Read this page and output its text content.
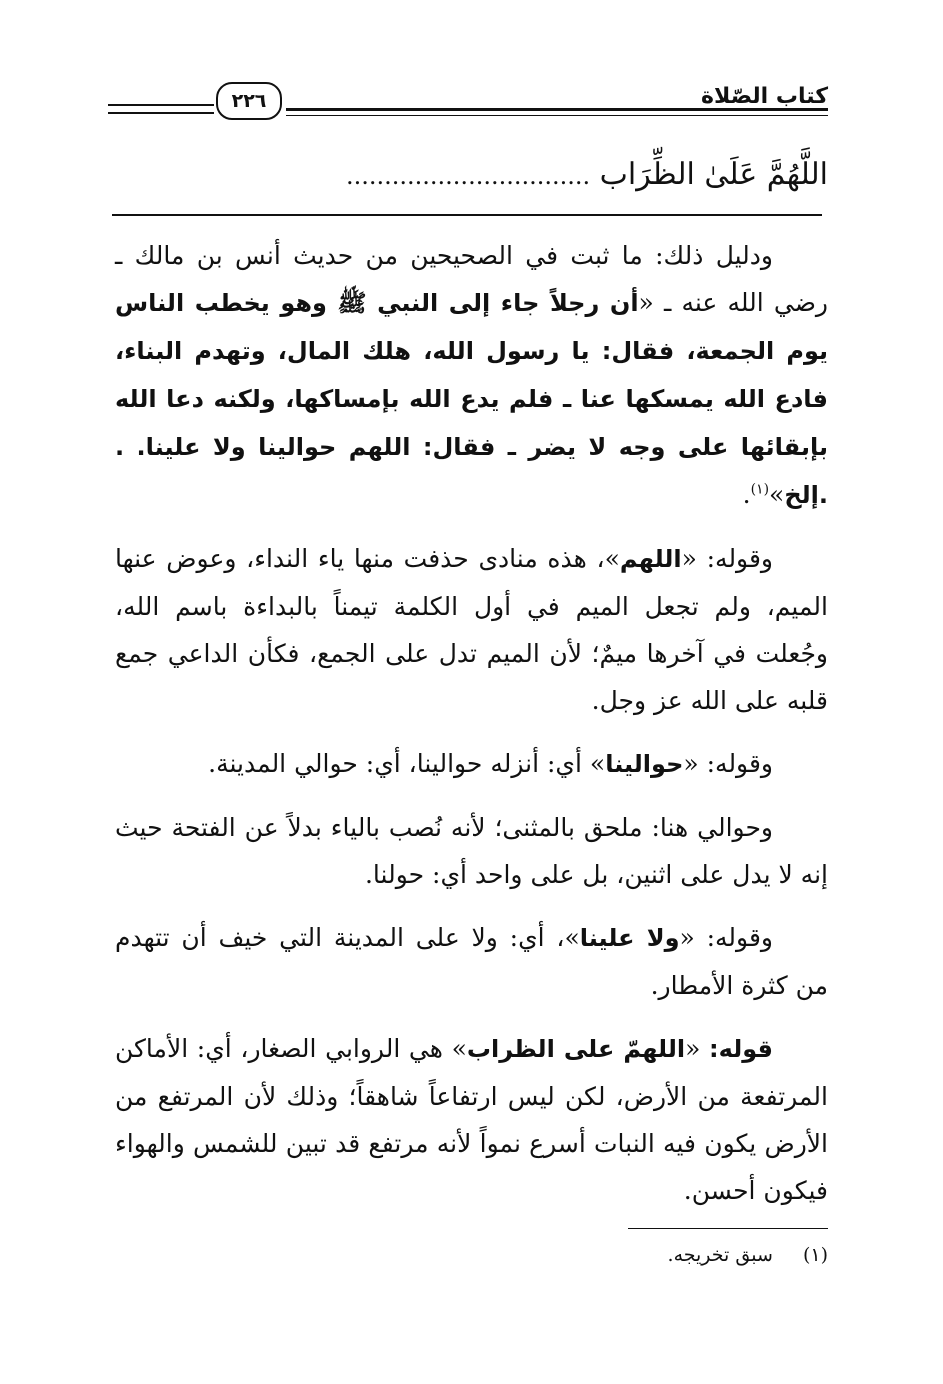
٢٢٦	كتاب الصّلاة
اللَّهُمَّ عَلَىٰ الظِّرَاب ................................

ودليل ذلك: ما ثبت في الصحيحين من حديث أنس بن مالك ـ رضي الله عنه ـ «أن رجلاً جاء إلى النبي ﷺ وهو يخطب الناس يوم الجمعة، فقال: يا رسول الله، هلك المال، وتهدم البناء، فادع الله يمسكها عنا ـ فلم يدع الله بإمساكها، ولكنه دعا الله بإبقائها على وجه لا يضر ـ فقال: اللهم حوالينا ولا علينا. . .إلخ»$^{(١)}$.

وقوله: «اللهم»، هذه منادى حذفت منها ياء النداء، وعوض عنها الميم، ولم تجعل الميم في أول الكلمة تيمناً بالبداءة باسم الله، وجُعلت في آخرها ميمٌ؛ لأن الميم تدل على الجمع، فكأن الداعي جمع قلبه على الله عز وجل.

وقوله: «حوالينا» أي: أنزله حوالينا، أي: حوالي المدينة.

وحوالي هنا: ملحق بالمثنى؛ لأنه نُصب بالياء بدلاً عن الفتحة حيث إنه لا يدل على اثنين، بل على واحد أي: حولنا.

وقوله: «ولا علينا»، أي: ولا على المدينة التي خيف أن تتهدم من كثرة الأمطار.

قوله: «اللهمّ على الظراب» هي الروابي الصغار، أي: الأماكن المرتفعة من الأرض، لكن ليس ارتفاعاً شاهقاً؛ وذلك لأن المرتفع من الأرض يكون فيه النبات أسرع نمواً لأنه مرتفع قد تبين للشمس والهواء فيكون أحسن.

(١) سبق تخريجه.
